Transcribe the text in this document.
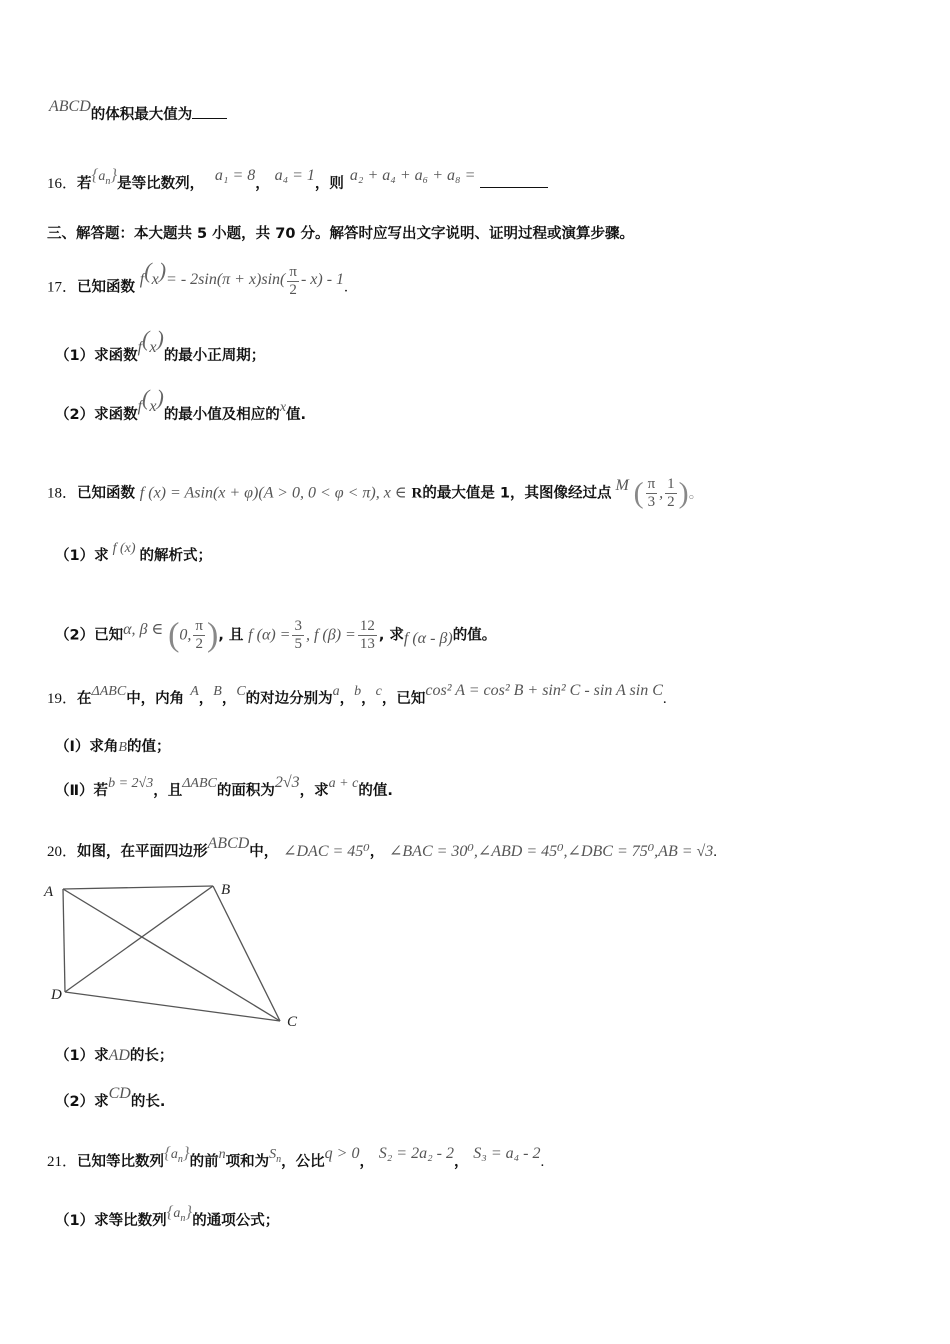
ABCD的体积最大值为
16．若$\{a_n\}$是等比数列， a₁ = 8， a₄ = 1，则 a₂ + a₄ + a₆ + a₈ =
三、解答题：本大题共 5 小题，共 70 分。解答时应写出文字说明、证明过程或演算步骤。
17．已知函数 $f(x)= - 2\sin(\pi + x)\sin( \frac{\pi}{2} - x) - 1$.
（1）求函数f(x)的最小正周期；
（2）求函数f(x)的最小值及相应的x值.
18．已知函数 f (x) = Asin(x + φ)(A > 0, 0 < φ < π), x ∈ R的最大值是 1，其图像经过点 M ( $\frac{\pi}{3}$ , $\frac{1}{2}$ )。
（1）求 f (x) 的解析式；
（2）已知α, β ∈ (0, $\frac{\pi}{2}$ ), 且 f $(\alpha) = \frac{3}{5}$ , f $(\beta) = \frac{12}{13}$ , 求f (α - β)的值。
19．在ΔABC中，内角 A，B，C的对边分别为a，b，c，已知cos² A = cos² B + sin² C - sin A sin C.
（Ⅰ）求角B的值；
（Ⅱ）若b = 2√3，且ΔABC的面积为2√3，求a + c的值.
20．如图，在平面四边形ABCD中， ∠DAC = 45⁰， ∠BAC = 30⁰,∠ABD = 45⁰,∠DBC = 75⁰,AB = √3.
A	B
C
D
（1）求AD的长；
（2）求CD的长.
21．已知等比数列$\{a_n\}$的前n项和为$S_n$，公比q > 0， S₂ = 2a₂ - 2， S₃ = a₄ - 2.
（1）求等比数列$\{a_n\}$的通项公式；
